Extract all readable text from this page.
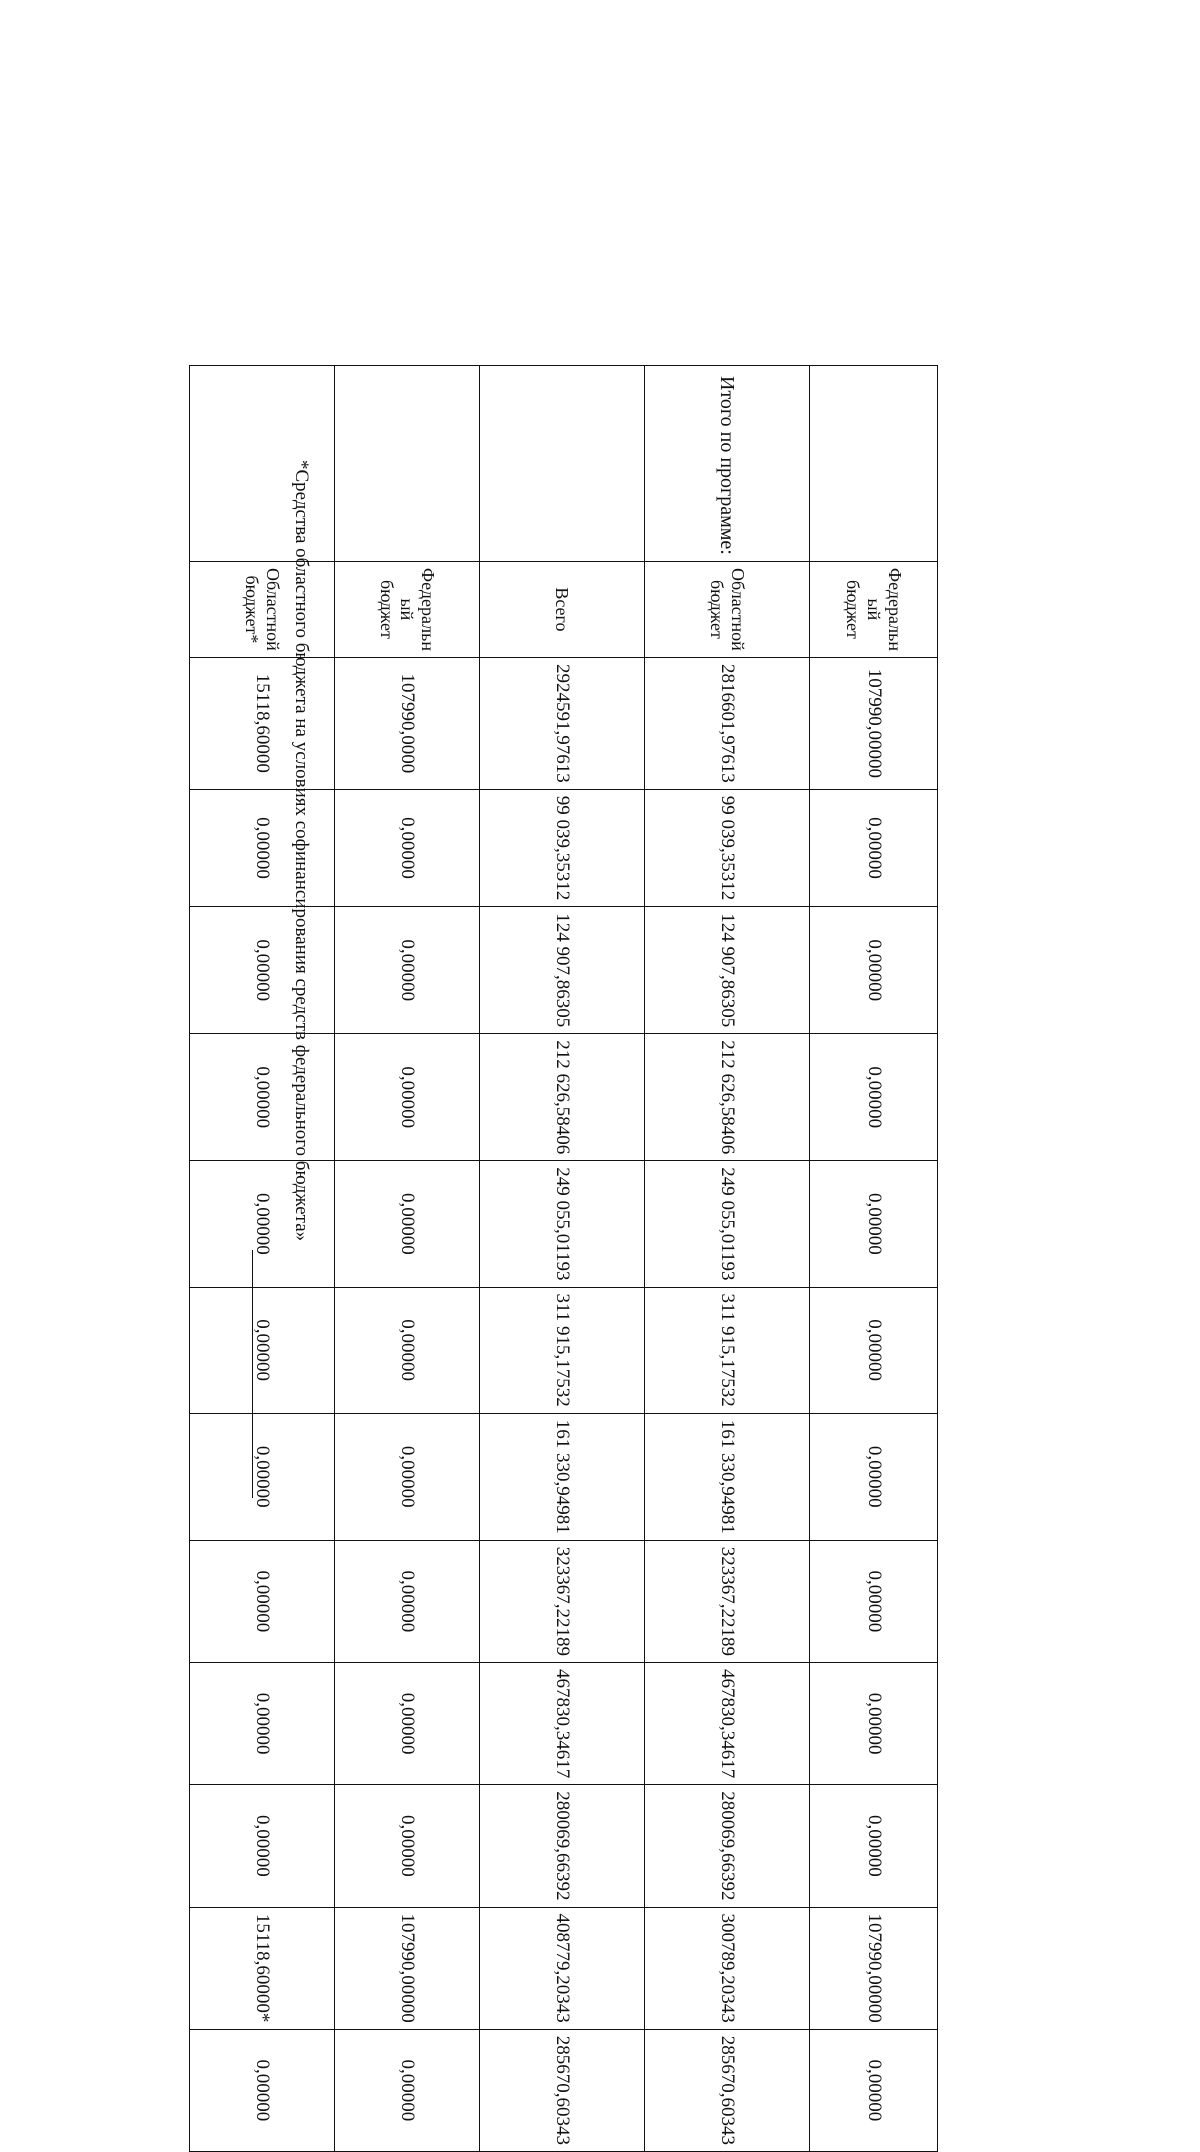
	Федеральн ый бюджет	107990,00000	0,00000	0,00000	0,00000	0,00000	0,00000	0,00000	0,00000	0,00000	0,00000	107990,00000	0,00000
Итого по программе:	Областной бюджет	2816601,97613	99 039,35312	124 907,86305	212 626,58406	249 055,01193	311 915,17532	161 330,94981	323367,22189	467830,34617	280069,66392	300789,20343	285670,60343
	Всего	2924591,97613	99 039,35312	124 907,86305	212 626,58406	249 055,01193	311 915,17532	161 330,94981	323367,22189	467830,34617	280069,66392	408779,20343	285670,60343
	Федеральн ый бюджет	107990,0000	0,00000	0,00000	0,00000	0,00000	0,00000	0,00000	0,00000	0,00000	0,00000	107990,00000	0,00000
	Областной бюджет*	15118,60000	0,00000	0,00000	0,00000	0,00000	0,00000	0,00000	0,00000	0,00000	0,00000	15118,60000*	0,00000
*Средства областного бюджета на условиях софинансирования средств федерального бюджета»
